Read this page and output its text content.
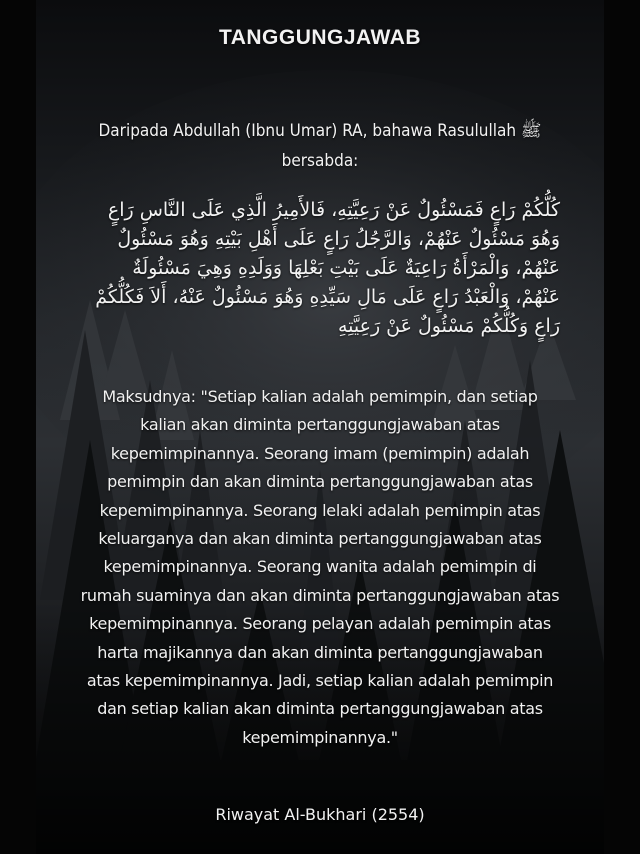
TANGGUNGJAWAB
Daripada Abdullah (Ibnu Umar) RA, bahawa Rasulullah ﷺ bersabda:
كُلُّكُمْ رَاعٍ فَمَسْئُولٌ عَنْ رَعِيَّتِهِ، فَالأَمِيرُ الَّذِي عَلَى النَّاسِ رَاعٍ وَهُوَ مَسْئُولٌ عَنْهُمْ، وَالرَّجُلُ رَاعٍ عَلَى أَهْلِ بَيْتِهِ وَهُوَ مَسْئُولٌ عَنْهُمْ، وَالْمَرْأَةُ رَاعِيَةٌ عَلَى بَيْتِ بَعْلِهَا وَوَلَدِهِ وَهِيَ مَسْئُولَةٌ عَنْهُمْ، وَالْعَبْدُ رَاعٍ عَلَى مَالِ سَيِّدِهِ وَهُوَ مَسْئُولٌ عَنْهُ، أَلاَ فَكُلُّكُمْ رَاعٍ وَكُلُّكُمْ مَسْئُولٌ عَنْ رَعِيَّتِهِ
Maksudnya: "Setiap kalian adalah pemimpin, dan setiap kalian akan diminta pertanggungjawaban atas kepemimpinannya. Seorang imam (pemimpin) adalah pemimpin dan akan diminta pertanggungjawaban atas kepemimpinannya. Seorang lelaki adalah pemimpin atas keluarganya dan akan diminta pertanggungjawaban atas kepemimpinannya. Seorang wanita adalah pemimpin di rumah suaminya dan akan diminta pertanggungjawaban atas kepemimpinannya. Seorang pelayan adalah pemimpin atas harta majikannya dan akan diminta pertanggungjawaban atas kepemimpinannya. Jadi, setiap kalian adalah pemimpin dan setiap kalian akan diminta pertanggungjawaban atas kepemimpinannya."
Riwayat Al-Bukhari (2554)
